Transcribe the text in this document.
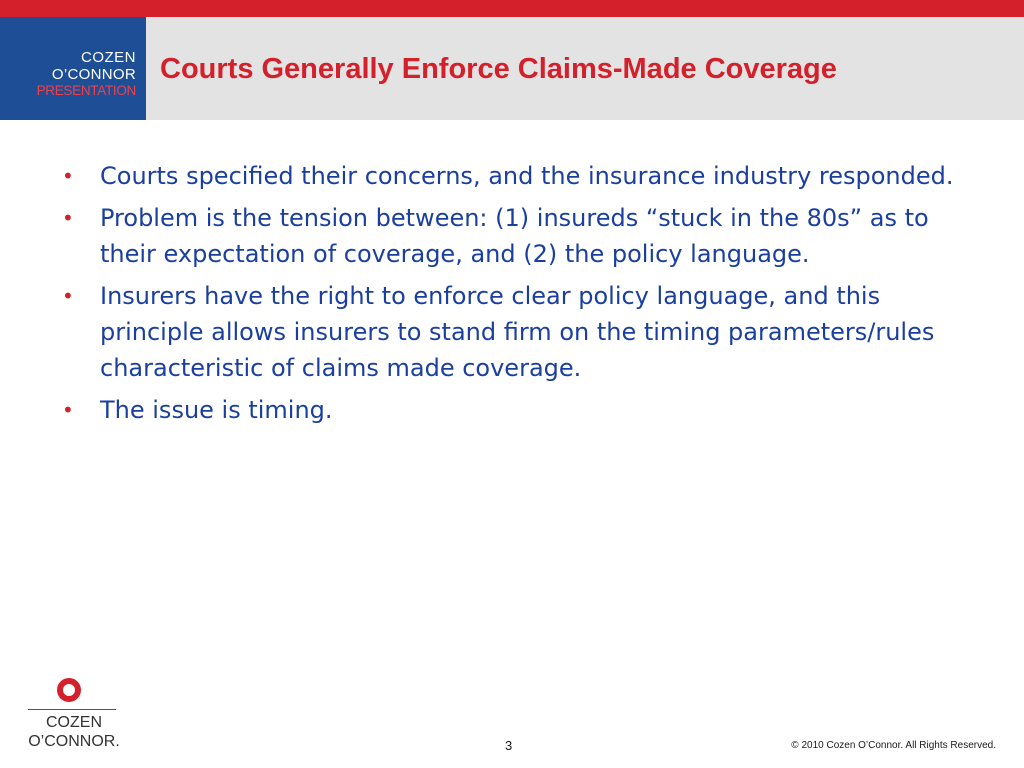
COZEN
O’CONNOR
PRESENTATION
Courts Generally Enforce Claims-Made Coverage
• Courts specified their concerns, and the insurance industry responded.
• Problem is the tension between: (1) insureds “stuck in the 80s” as to their expectation of coverage, and (2) the policy language.
• Insurers have the right to enforce clear policy language, and this principle allows insurers to stand firm on the timing parameters/rules characteristic of claims made coverage.
• The issue is timing.
COZEN
O’CONNOR.	3	© 2010 Cozen O’Connor. All Rights Reserved.
